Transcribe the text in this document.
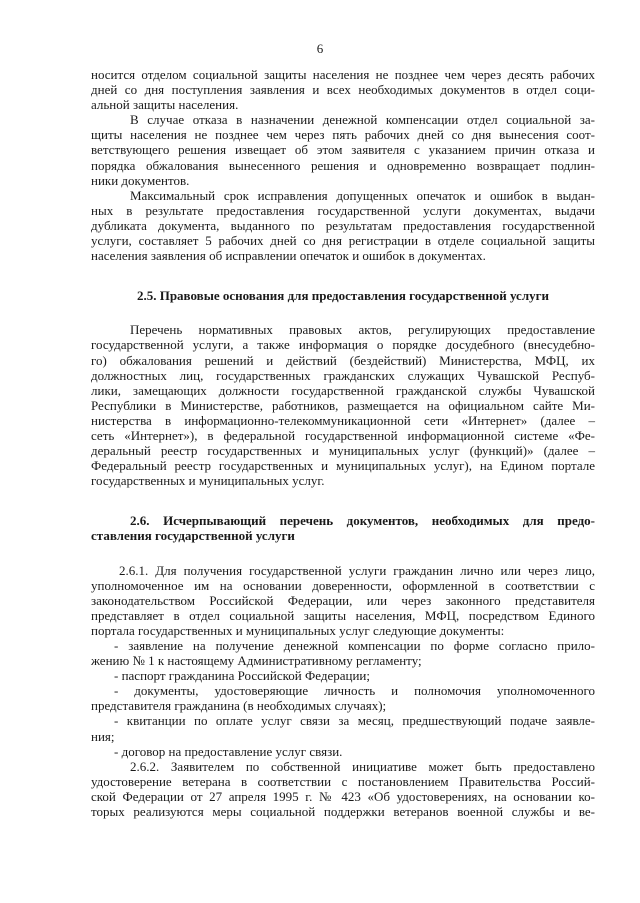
6
носится отделом социальной защиты населения не позднее чем через десять рабочих
дней со дня поступления заявления и всех необходимых документов в отдел соци-
альной защиты населения.
В случае отказа в назначении денежной компенсации отдел социальной за-
щиты населения не позднее чем через пять рабочих дней со дня вынесения соот-
ветствующего решения извещает об этом заявителя с указанием причин отказа и
порядка обжалования вынесенного решения и одновременно возвращает подлин-
ники документов.
Максимальный срок исправления допущенных опечаток и ошибок в выдан-
ных в результате предоставления государственной услуги документах, выдачи
дубликата документа, выданного по результатам предоставления государственной
услуги, составляет 5 рабочих дней со дня регистрации в отделе социальной защиты
населения заявления об исправлении опечаток и ошибок в документах.
2.5. Правовые основания для предоставления государственной услуги
Перечень нормативных правовых актов, регулирующих предоставление
государственной услуги, а также информация о порядке досудебного (внесудебно-
го) обжалования решений и действий (бездействий) Министерства, МФЦ, их
должностных лиц, государственных гражданских служащих Чувашской Респуб-
лики, замещающих должности государственной гражданской службы Чувашской
Республики в Министерстве, работников, размещается на официальном сайте Ми-
нистерства в информационно-телекоммуникационной сети «Интернет» (далее –
сеть «Интернет»), в федеральной государственной информационной системе «Фе-
деральный реестр государственных и муниципальных услуг (функций)» (далее –
Федеральный реестр государственных и муниципальных услуг), на Едином портале
государственных и муниципальных услуг.
2.6. Исчерпывающий перечень документов, необходимых для предо-
ставления государственной услуги
2.6.1. Для получения государственной услуги гражданин лично или через лицо,
уполномоченное им на основании доверенности, оформленной в соответствии с
законодательством Российской Федерации, или через законного представителя
представляет в отдел социальной защиты населения, МФЦ, посредством Единого
портала государственных и муниципальных услуг следующие документы:
- заявление на получение денежной компенсации по форме согласно прило-
жению № 1 к настоящему Административному регламенту;
- паспорт гражданина Российской Федерации;
- документы, удостоверяющие личность и полномочия уполномоченного
представителя гражданина (в необходимых случаях);
- квитанции по оплате услуг связи за месяц, предшествующий подаче заявле-
ния;
- договор на предоставление услуг связи.
2.6.2. Заявителем по собственной инициативе может быть предоставлено
удостоверение ветерана в соответствии с постановлением Правительства Россий-
ской Федерации от 27 апреля 1995 г. № 423 «Об удостоверениях, на основании ко-
торых реализуются меры социальной поддержки ветеранов военной службы и ве-
